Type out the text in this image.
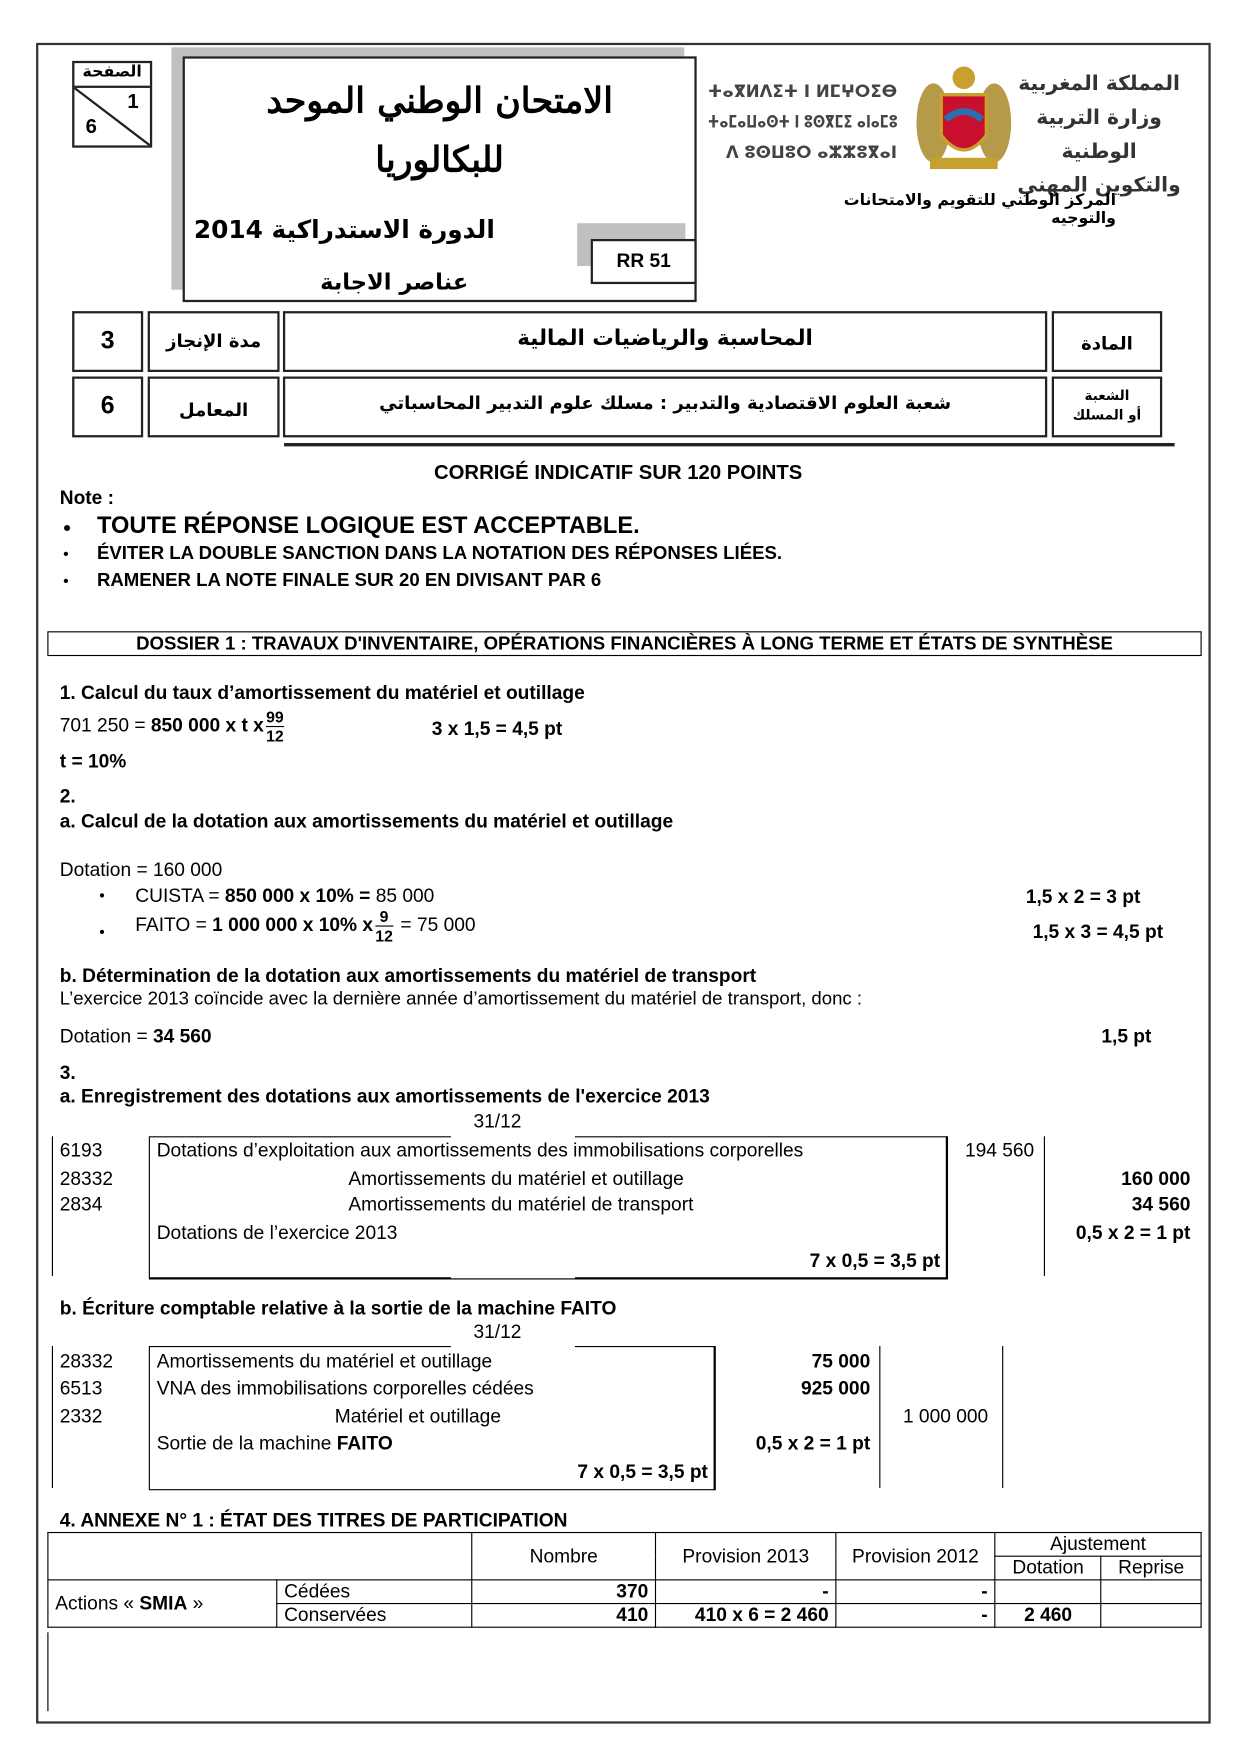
الصفحة
1
6
الامتحان الوطني الموحد
للبكالوريا
عناصر الاجابة
RR 51
الدورة الاستدراكية 2014
ⵜⴰⴳⵍⴷⵉⵜ ⵏ ⵍⵎⵖⵔⵉⴱ
ⵜⴰⵎⴰⵡⴰⵙⵜ ⵏ ⵓⵙⴳⵎⵉ ⴰⵏⴰⵎⵓ
ⴷ ⵓⵙⵡⵓⵔ ⴰⵣⵣⵓⴳⴰⵏ
المملكة المغربية
وزارة التربية الوطنية
والتكوين المهني
المركز الوطني للتقويم والامتحانات والتوجيه
3	مدة الإنجاز	المحاسبة والرياضيات المالية	المادة
6	المعامل	شعبة العلوم الاقتصادية والتدبير : مسلك علوم التدبير المحاسباتي	الشعبة
أو المسلك
CORRIGÉ INDICATIF SUR 120 POINTS
Note :
• TOUTE RÉPONSE LOGIQUE EST ACCEPTABLE.
• ÉVITER LA DOUBLE SANCTION DANS LA NOTATION DES RÉPONSES LIÉES.
• RAMENER LA NOTE FINALE SUR 20 EN DIVISANT PAR 6
DOSSIER 1 : TRAVAUX D'INVENTAIRE, OPÉRATIONS FINANCIÈRES À LONG TERME ET ÉTATS DE SYNTHÈSE
1. Calcul du taux d’amortissement du matériel et outillage
701 250 = 850 000 x t x $\frac{99}{12}$	3 x 1,5 = 4,5 pt
t = 10%
2.
a. Calcul de la dotation aux amortissements du matériel et outillage
Dotation = 160 000
• CUISTA = 850 000 x 10% = 85 000	1,5 x 2 = 3 pt
• FAITO = 1 000 000 x 10% x $\frac{9}{12} = 75$ 000	1,5 x 3 = 4,5 pt
b. Détermination de la dotation aux amortissements du matériel de transport
L’exercice 2013 coïncide avec la dernière année d’amortissement du matériel de transport, donc :
Dotation = 34 560	1,5 pt
3.
a. Enregistrement des dotations aux amortissements de l'exercice 2013
31/12
6193	Dotations d’exploitation aux amortissements des immobilisations corporelles	194 560
28332	Amortissements du matériel et outillage	160 000
2834	Amortissements du matériel de transport	34 560
Dotations de l’exercice 2013	0,5 x 2 = 1 pt
7 x 0,5 = 3,5 pt
b. Écriture comptable relative à la sortie de la machine FAITO
31/12
28332	Amortissements du matériel et outillage	75 000
6513	VNA des immobilisations corporelles cédées	925 000
2332	Matériel et outillage	1 000 000
Sortie de la machine FAITO	0,5 x 2 = 1 pt
7 x 0,5 = 3,5 pt
4. ANNEXE N° 1 : ÉTAT DES TITRES DE PARTICIPATION
		Nombre	Provision 2013	Provision 2012	Ajustement	
					Dotation	Reprise
Actions « SMIA »	Cédées	370	-	-		
	Conservées	410	410 x 6 = 2 460	-	2 460	
